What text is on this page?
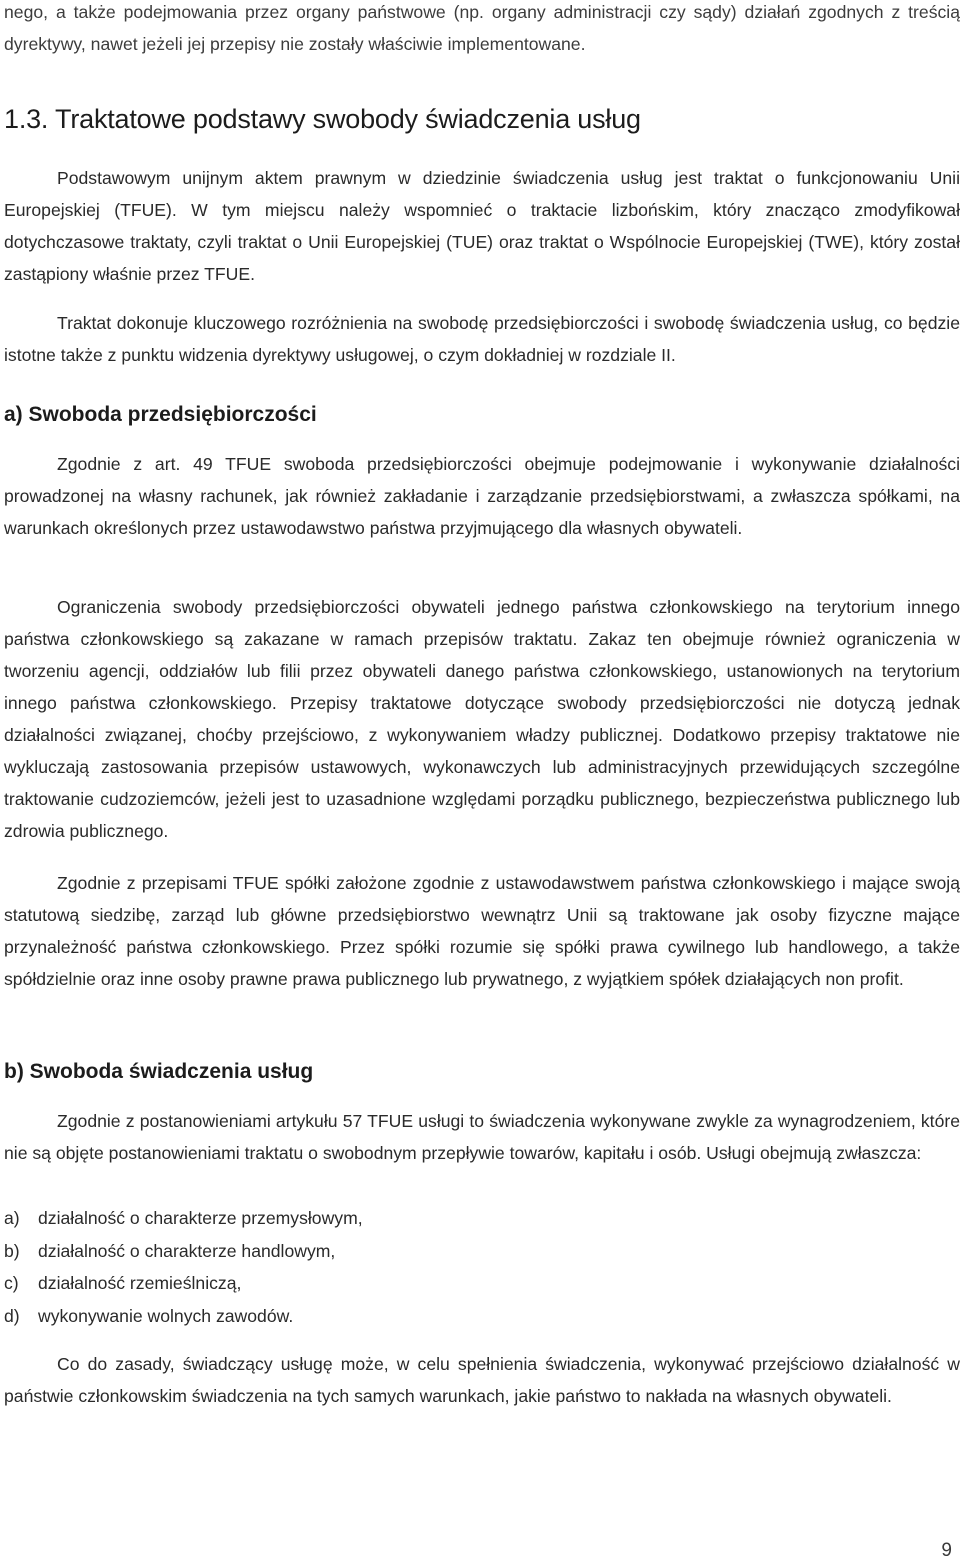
nego, a także podejmowania przez organy państwowe (np. organy administracji czy sądy) działań zgodnych z treścią dyrektywy, nawet jeżeli jej przepisy nie zostały właściwie implementowane.

1.3. Traktatowe podstawy swobody świadczenia usług

Podstawowym unijnym aktem prawnym w dziedzinie świadczenia usług jest traktat o funkcjonowaniu Unii Europejskiej (TFUE). W tym miejscu należy wspomnieć o traktacie lizbońskim, który znacząco zmodyfikował dotychczasowe traktaty, czyli traktat o Unii Europejskiej (TUE) oraz traktat o Wspólnocie Europejskiej (TWE), który został zastąpiony właśnie przez TFUE.

Traktat dokonuje kluczowego rozróżnienia na swobodę przedsiębiorczości i swobodę świadczenia usług, co będzie istotne także z punktu widzenia dyrektywy usługowej, o czym dokładniej w rozdziale II.

a) Swoboda przedsiębiorczości

Zgodnie z art. 49 TFUE swoboda przedsiębiorczości obejmuje podejmowanie i wykonywanie działalności prowadzonej na własny rachunek, jak również zakładanie i zarządzanie przedsiębiorstwami, a zwłaszcza spółkami, na warunkach określonych przez ustawodawstwo państwa przyjmującego dla własnych obywateli.

Ograniczenia swobody przedsiębiorczości obywateli jednego państwa członkowskiego na terytorium innego państwa członkowskiego są zakazane w ramach przepisów traktatu. Zakaz ten obejmuje również ograniczenia w tworzeniu agencji, oddziałów lub filii przez obywateli danego państwa członkowskiego, ustanowionych na terytorium innego państwa członkowskiego. Przepisy traktatowe dotyczące swobody przedsiębiorczości nie dotyczą jednak działalności związanej, choćby przejściowo, z wykonywaniem władzy publicznej. Dodatkowo przepisy traktatowe nie wykluczają zastosowania przepisów ustawowych, wykonawczych lub administracyjnych przewidujących szczególne traktowanie cudzoziemców, jeżeli jest to uzasadnione względami porządku publicznego, bezpieczeństwa publicznego lub zdrowia publicznego.

Zgodnie z przepisami TFUE spółki założone zgodnie z ustawodawstwem państwa członkowskiego i mające swoją statutową siedzibę, zarząd lub główne przedsiębiorstwo wewnątrz Unii są traktowane jak osoby fizyczne mające przynależność państwa członkowskiego. Przez spółki rozumie się spółki prawa cywilnego lub handlowego, a także spółdzielnie oraz inne osoby prawne prawa publicznego lub prywatnego, z wyjątkiem spółek działających non profit.

b) Swoboda świadczenia usług

Zgodnie z postanowieniami artykułu 57 TFUE usługi to świadczenia wykonywane zwykle za wynagrodzeniem, które nie są objęte postanowieniami traktatu o swobodnym przepływie towarów, kapitału i osób. Usługi obejmują zwłaszcza:

a)	działalność o charakterze przemysłowym,
b)	działalność o charakterze handlowym,
c)	działalność rzemieślniczą,
d)	wykonywanie wolnych zawodów.

Co do zasady, świadczący usługę może, w celu spełnienia świadczenia, wykonywać przejściowo działalność w państwie członkowskim świadczenia na tych samych warunkach, jakie państwo to nakłada na własnych obywateli.

9
